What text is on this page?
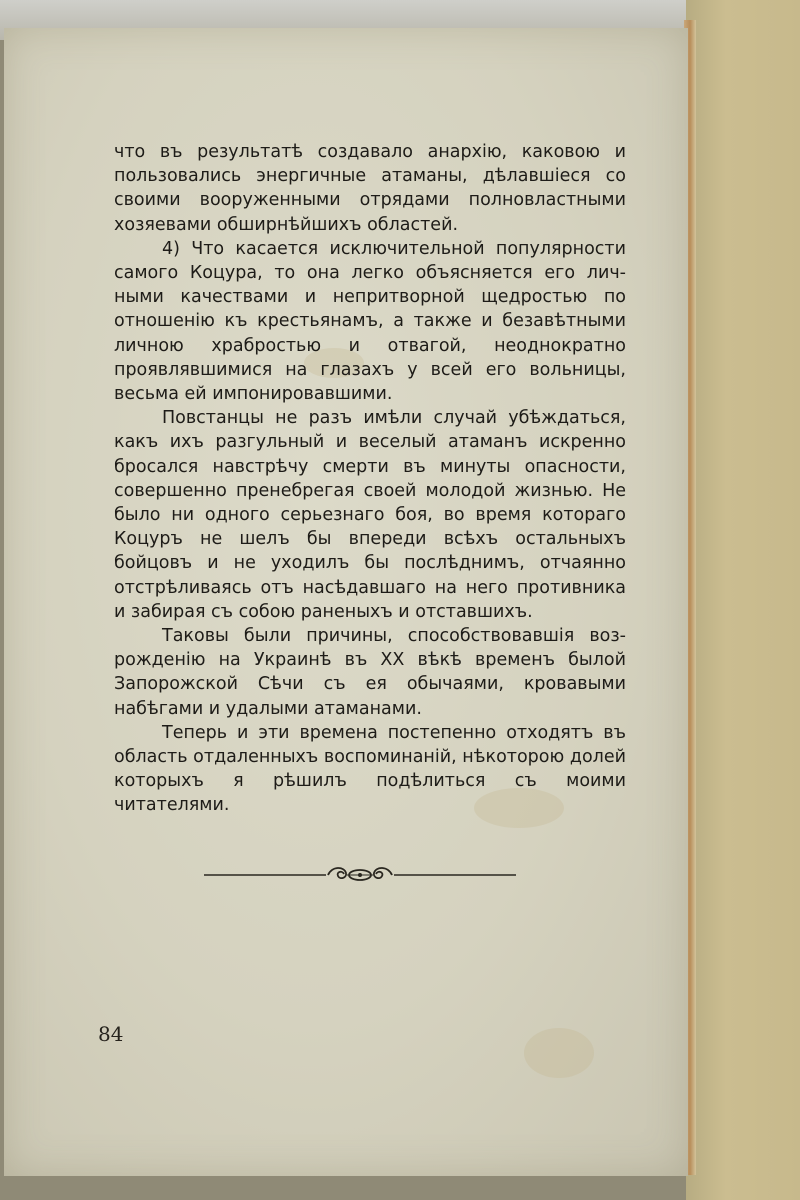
что въ результатѣ создавало анархію, каковою и пользовались энергичные атаманы, дѣлавшіеся со своими вооруженными отрядами полновластными хозяевами обширнѣйшихъ областей.

4) Что касается исключительной популярности самого Коцура, то она легко объясняется его личными качествами и непритворной щедростью по отношенію къ крестьянамъ, а также и безавѣтными личною храбростью и отвагой, неоднократно проявлявшимися на глазахъ у всей его вольницы, весьма ей импонировавшими.

Повстанцы не разъ имѣли случай убѣждаться, какъ ихъ разгульный и веселый атаманъ искренно бросался навстрѣчу смерти въ минуты опасности, совершенно пренебрегая своей молодой жизнью. Не было ни одного серьезнаго боя, во время котораго Коцуръ не шелъ бы впереди всѣхъ остальныхъ бойцовъ и не уходилъ бы послѣднимъ, отчаянно отстрѣливаясь отъ насѣдавшаго на него противника и забирая съ собою раненыхъ и отставшихъ.

Таковы были причины, способствовавшія возрожденію на Украинѣ въ XX вѣкѣ временъ былой Запорожской Сѣчи съ ея обычаями, кровавыми набѣгами и удалыми атаманами.

Теперь и эти времена постепенно отходятъ въ область отдаленныхъ воспоминаній, нѣкоторою долей которыхъ я рѣшилъ подѣлиться съ моими читателями.

84
